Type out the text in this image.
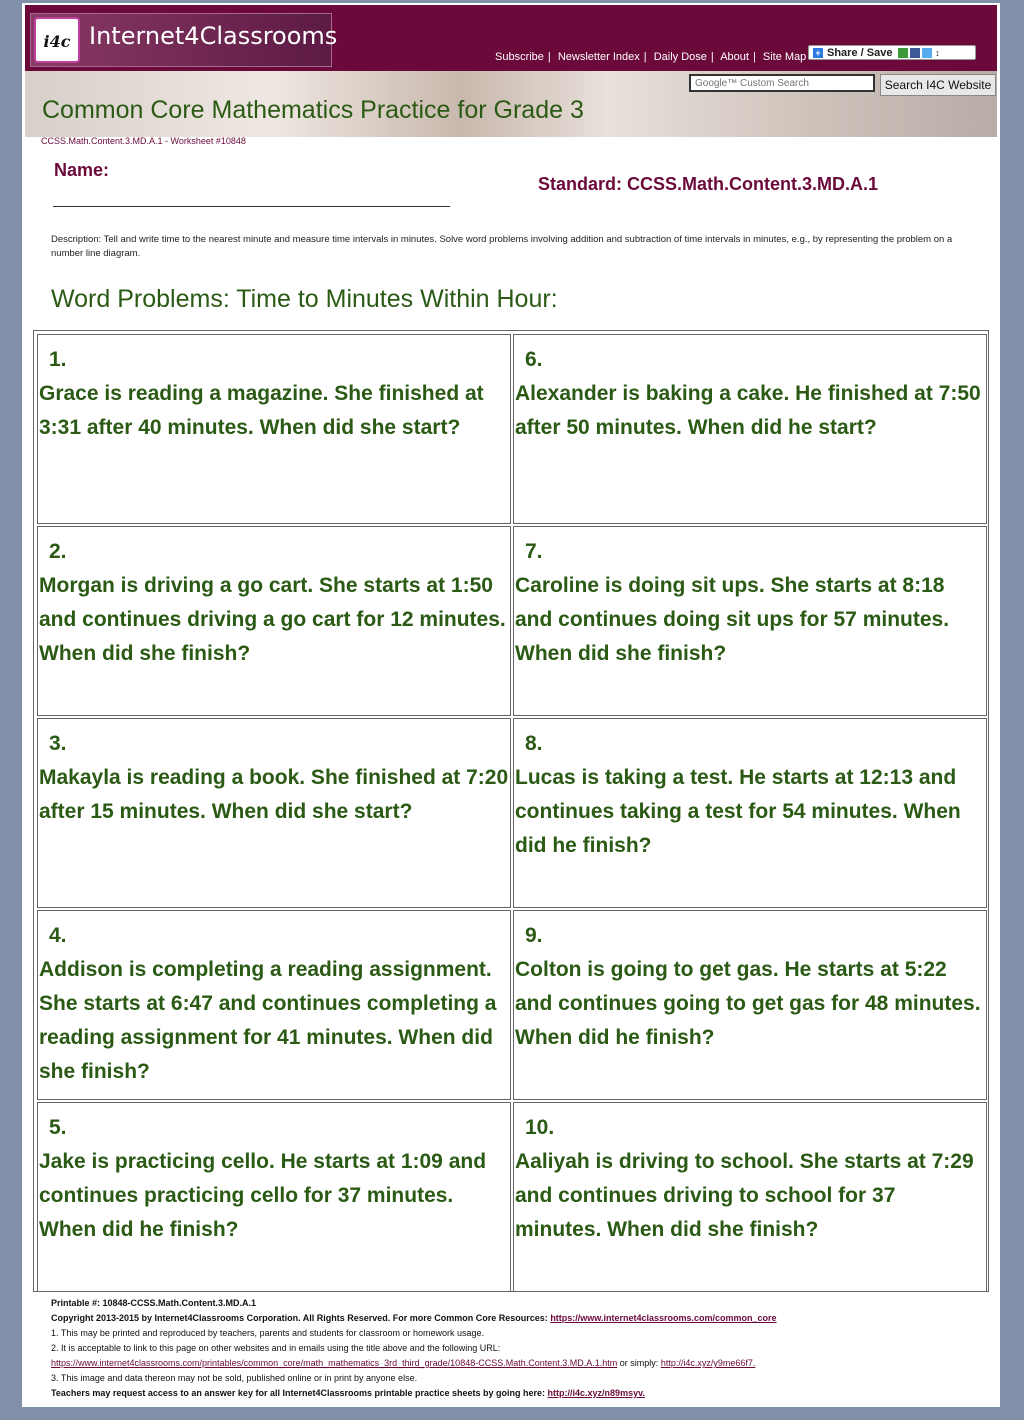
i4c Internet4Classrooms
Subscribe | Newsletter Index | Daily Dose | About | Site Map	+ Share / Save	↕
Google™ Custom Search
Search I4C Website
Common Core Mathematics Practice for Grade 3
CCSS.Math.Content.3.MD.A.1 - Worksheet #10848
Name:
Standard: CCSS.Math.Content.3.MD.A.1
Description: Tell and write time to the nearest minute and measure time intervals in minutes. Solve word problems involving addition and subtraction of time intervals in minutes, e.g., by representing the problem on a number line diagram.
Word Problems: Time to Minutes Within Hour:
1.
Grace is reading a magazine. She finished at 3:31 after 40 minutes. When did she start?
2.
Morgan is driving a go cart. She starts at 1:50 and continues driving a go cart for 12 minutes. When did she finish?
3.
Makayla is reading a book. She finished at 7:20 after 15 minutes. When did she start?
4.
Addison is completing a reading assignment. She starts at 6:47 and continues completing a reading assignment for 41 minutes. When did she finish?
5.
Jake is practicing cello. He starts at 1:09 and continues practicing cello for 37 minutes. When did he finish?
6.
Alexander is baking a cake. He finished at 7:50 after 50 minutes. When did he start?
7.
Caroline is doing sit ups. She starts at 8:18 and continues doing sit ups for 57 minutes. When did she finish?
8.
Lucas is taking a test. He starts at 12:13 and continues taking a test for 54 minutes. When did he finish?
9.
Colton is going to get gas. He starts at 5:22 and continues going to get gas for 48 minutes. When did he finish?
10.
Aaliyah is driving to school. She starts at 7:29 and continues driving to school for 37 minutes. When did she finish?
Printable #: 10848-CCSS.Math.Content.3.MD.A.1
Copyright 2013-2015 by Internet4Classrooms Corporation. All Rights Reserved. For more Common Core Resources: https://www.internet4classrooms.com/common_core
1. This may be printed and reproduced by teachers, parents and students for classroom or homework usage.
2. It is acceptable to link to this page on other websites and in emails using the title above and the following URL:
https://www.internet4classrooms.com/printables/common_core/math_mathematics_3rd_third_grade/10848-CCSS.Math.Content.3.MD.A.1.htm or simply: http://i4c.xyz/y9me66f7.
3. This image and data thereon may not be sold, published online or in print by anyone else.
Teachers may request access to an answer key for all Internet4Classrooms printable practice sheets by going here: http://i4c.xyz/n89msyv.
